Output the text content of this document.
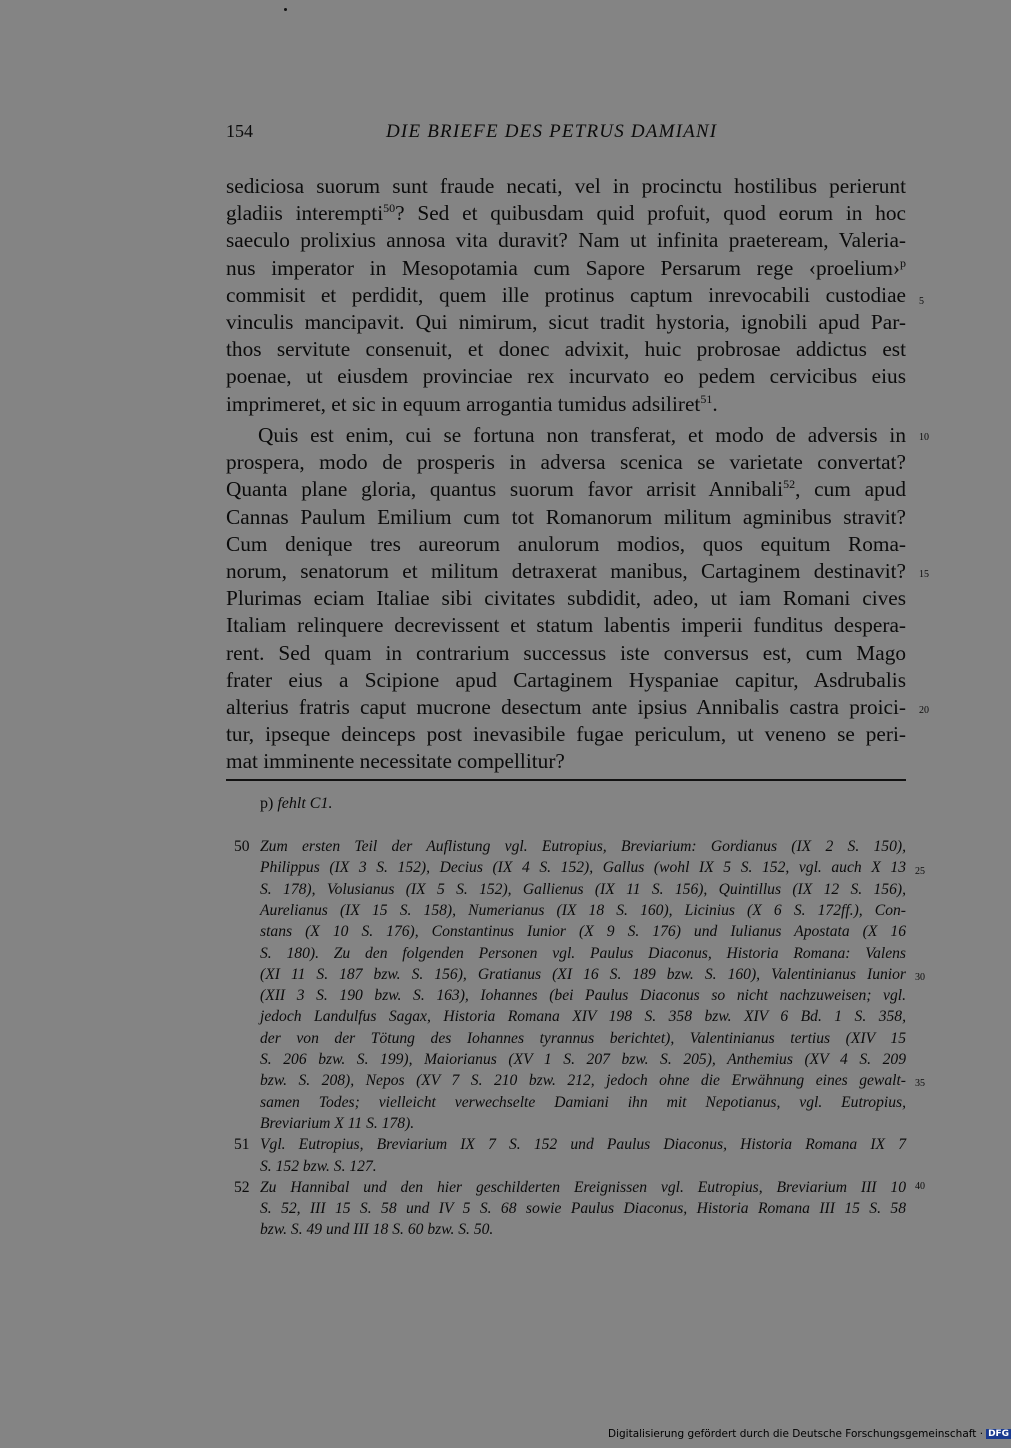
154	DIE BRIEFE DES PETRUS DAMIANI
sediciosa suorum sunt fraude necati, vel in procinctu hostilibus perierunt
gladiis interempti$^{50}$? Sed et quibusdam quid profuit, quod eorum in hoc
saeculo prolixius annosa vita duravit? Nam ut infinita praeteream, Valeria-
nus imperator in Mesopotamia cum Sapore Persarum rege ‹proelium›$^p$
commisit et perdidit, quem ille protinus captum inrevocabili custodiae
vinculis mancipavit. Qui nimirum, sicut tradit hystoria, ignobili apud Par-
thos servitute consenuit, et donec advixit, huic probrosae addictus est
poenae, ut eiusdem provinciae rex incurvato eo pedem cervicibus eius
imprimeret, et sic in equum arrogantia tumidus adsiliret$^{51}$.
Quis est enim, cui se fortuna non transferat, et modo de adversis in
prospera, modo de prosperis in adversa scenica se varietate convertat?
Quanta plane gloria, quantus suorum favor arrisit Annibali$^{52}$, cum apud
Cannas Paulum Emilium cum tot Romanorum militum agminibus stravit?
Cum denique tres aureorum anulorum modios, quos equitum Roma-
norum, senatorum et militum detraxerat manibus, Cartaginem destinavit?
Plurimas eciam Italiae sibi civitates subdidit, adeo, ut iam Romani cives
Italiam relinquere decrevissent et statum labentis imperii funditus despera-
rent. Sed quam in contrarium successus iste conversus est, cum Mago
frater eius a Scipione apud Cartaginem Hyspaniae capitur, Asdrubalis
alterius fratris caput mucrone desectum ante ipsius Annibalis castra proici-
tur, ipseque deinceps post inevasibile fugae periculum, ut veneno se peri-
mat imminente necessitate compellitur?
5
10
15
20
p) fehlt C1.
50 Zum ersten Teil der Auflistung vgl. Eutropius, Breviarium: Gordianus (IX 2 S. 150),
Philippus (IX 3 S. 152), Decius (IX 4 S. 152), Gallus (wohl IX 5 S. 152, vgl. auch X 13
S. 178), Volusianus (IX 5 S. 152), Gallienus (IX 11 S. 156), Quintillus (IX 12 S. 156),
Aurelianus (IX 15 S. 158), Numerianus (IX 18 S. 160), Licinius (X 6 S. 172ff.), Con-
stans (X 10 S. 176), Constantinus Iunior (X 9 S. 176) und Iulianus Apostata (X 16
S. 180). Zu den folgenden Personen vgl. Paulus Diaconus, Historia Romana: Valens
(XI 11 S. 187 bzw. S. 156), Gratianus (XI 16 S. 189 bzw. S. 160), Valentinianus Iunior
(XII 3 S. 190 bzw. S. 163), Iohannes (bei Paulus Diaconus so nicht nachzuweisen; vgl.
jedoch Landulfus Sagax, Historia Romana XIV 198 S. 358 bzw. XIV 6 Bd. 1 S. 358,
der von der Tötung des Iohannes tyrannus berichtet), Valentinianus tertius (XIV 15
S. 206 bzw. S. 199), Maiorianus (XV 1 S. 207 bzw. S. 205), Anthemius (XV 4 S. 209
bzw. S. 208), Nepos (XV 7 S. 210 bzw. 212, jedoch ohne die Erwähnung eines gewalt-
samen Todes; vielleicht verwechselte Damiani ihn mit Nepotianus, vgl. Eutropius,
Breviarium X 11 S. 178).
51 Vgl. Eutropius, Breviarium IX 7 S. 152 und Paulus Diaconus, Historia Romana IX 7
S. 152 bzw. S. 127.
52 Zu Hannibal und den hier geschilderten Ereignissen vgl. Eutropius, Breviarium III 10
S. 52, III 15 S. 58 und IV 5 S. 68 sowie Paulus Diaconus, Historia Romana III 15 S. 58
bzw. S. 49 und III 18 S. 60 bzw. S. 50.
25
30
35
40
Digitalisierung gefördert durch die Deutsche Forschungsgemeinschaft · DFG
